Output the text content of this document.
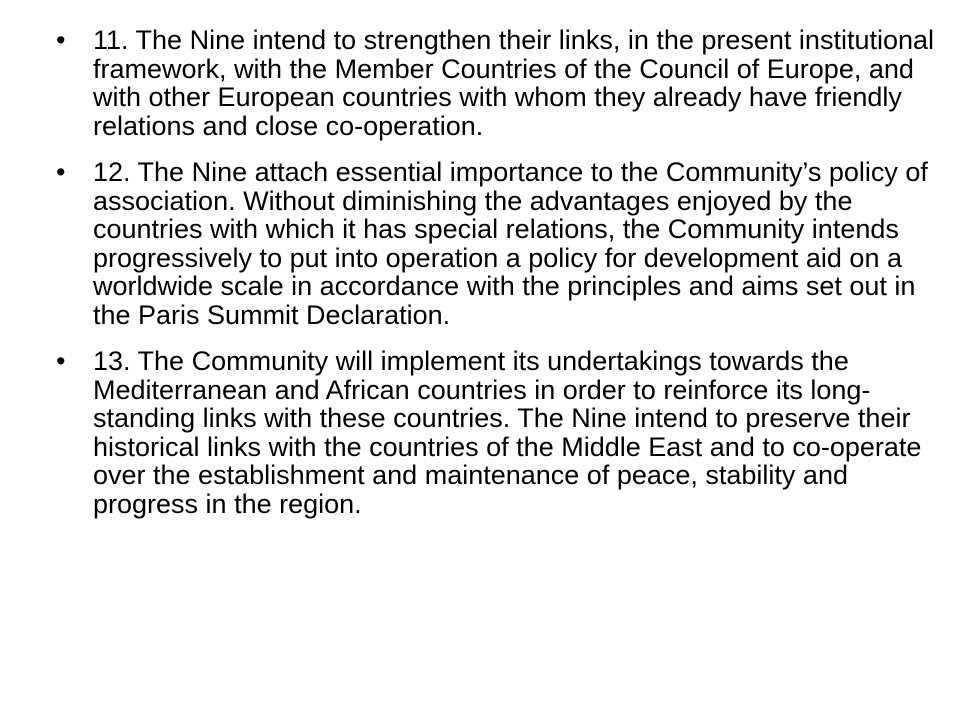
• 11. The Nine intend to strengthen their links, in the present institutional framework, with the Member Countries of the Council of Europe, and with other European countries with whom they already have friendly relations and close co-operation.
• 12. The Nine attach essential importance to the Community’s policy of association. Without diminishing the advantages enjoyed by the countries with which it has special relations, the Community intends progressively to put into operation a policy for development aid on a worldwide scale in accordance with the principles and aims set out in the Paris Summit Declaration.
• 13. The Community will implement its undertakings towards the Mediterranean and African countries in order to reinforce its long-standing links with these countries. The Nine intend to preserve their historical links with the countries of the Middle East and to co-operate over the establishment and maintenance of peace, stability and progress in the region.
